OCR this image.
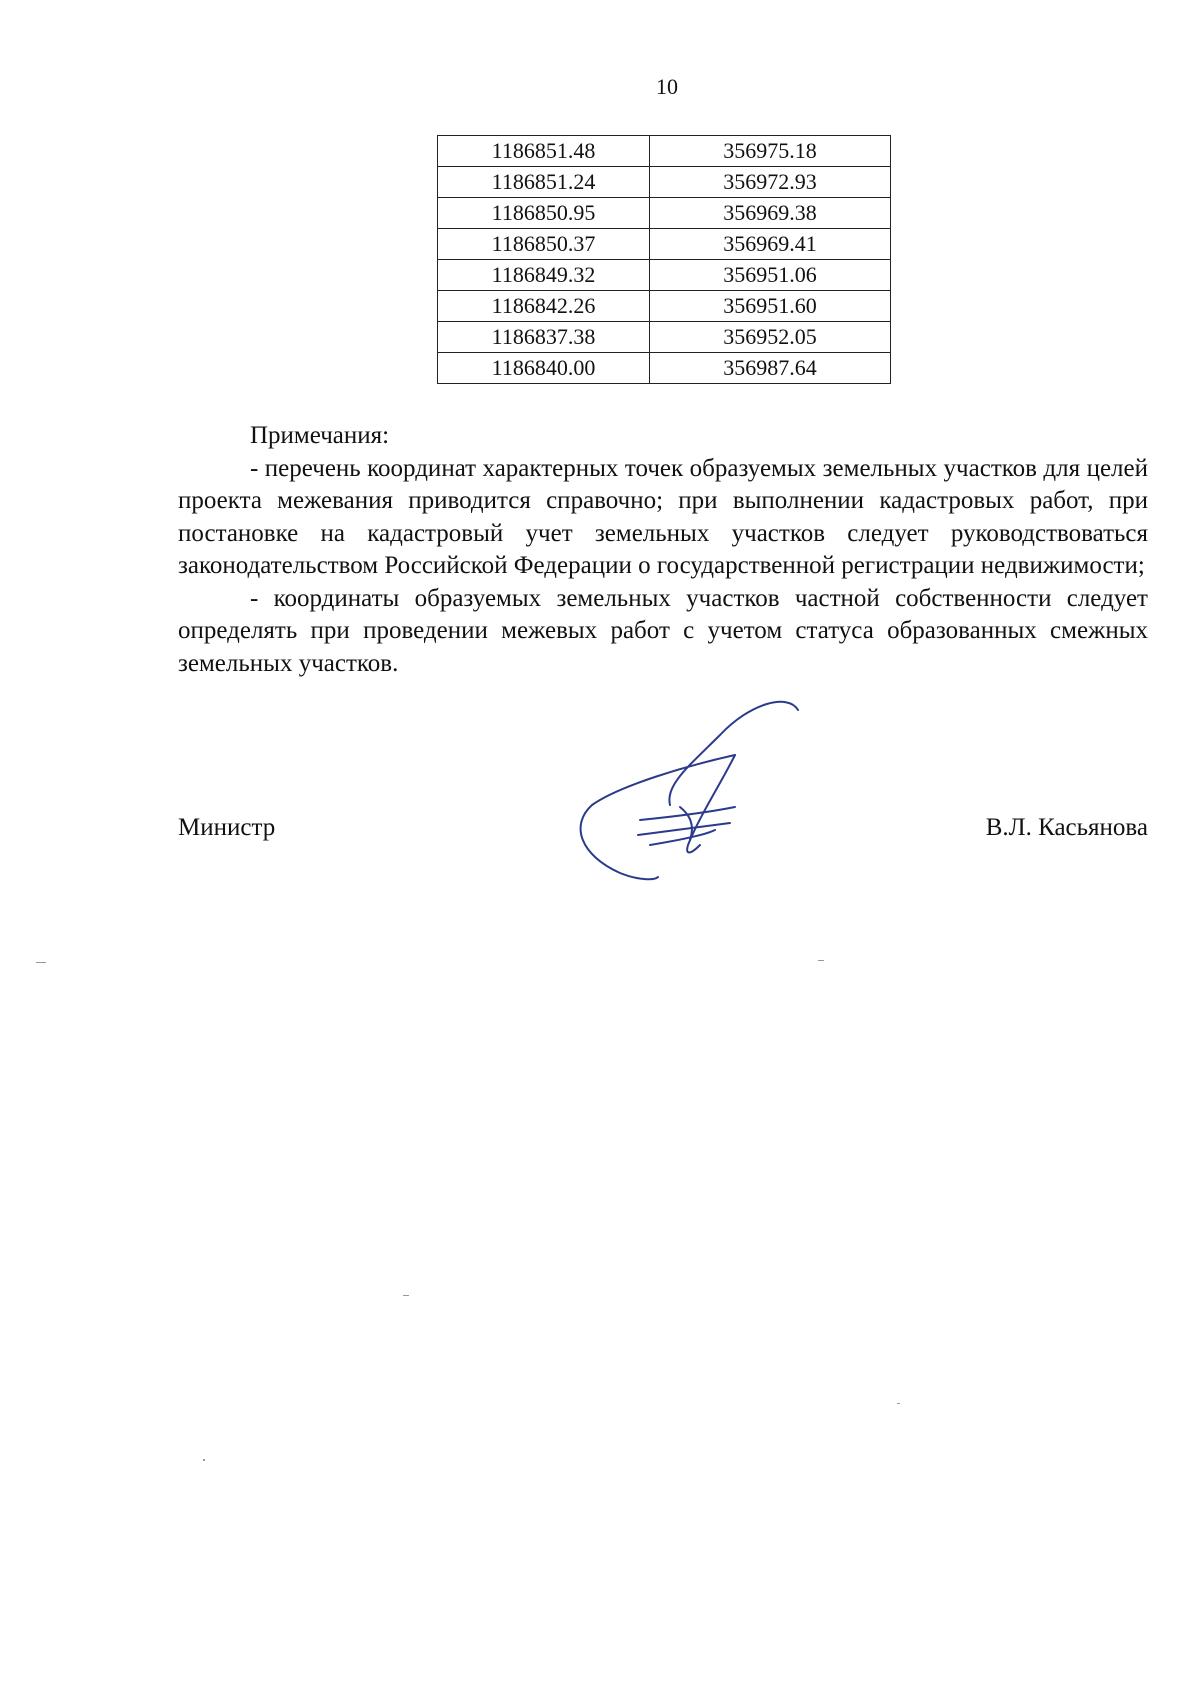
10
1186851.48	356975.18
1186851.24	356972.93
1186850.95	356969.38
1186850.37	356969.41
1186849.32	356951.06
1186842.26	356951.60
1186837.38	356952.05
1186840.00	356987.64

Примечания:

- перечень координат характерных точек образуемых земельных участков для целей проекта межевания приводится справочно; при выполнении кадастровых работ, при постановке на кадастровый учет земельных участков следует руководствоваться законодательством Российской Федерации о государственной регистрации недвижимости;

- координаты образуемых земельных участков частной собственности следует определять при проведении межевых работ с учетом статуса образованных смежных земельных участков.

Министр	В.Л. Касьянова
